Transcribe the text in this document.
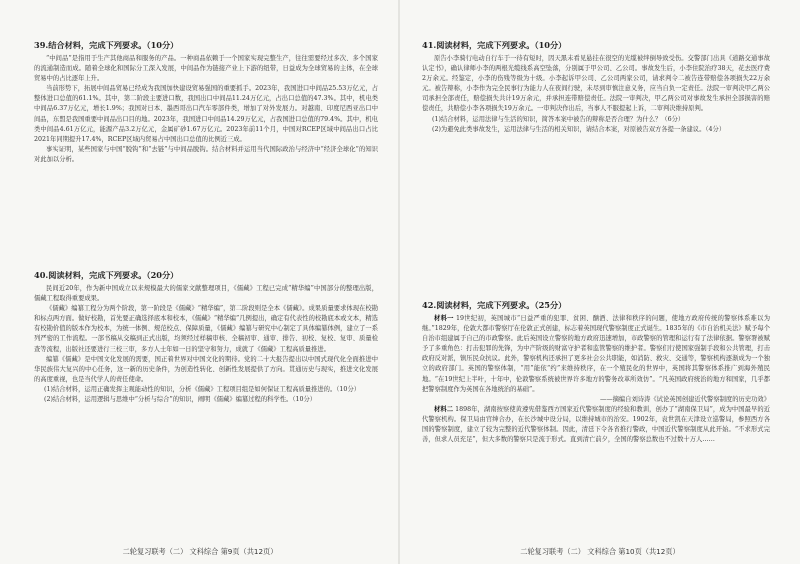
39.结合材料，完成下列要求。（10分）

“中间品”是指用于生产其他商品和服务的产品。一种商品依赖于一个国家实现完整生产，往往需要经过多次、多个国家的流通制造而成。随着全球化和国际分工深入发展，中间品作为链接产业上下游的纽带，日益成为全球贸易的主体，在全球贸易中的占比逐年上升。

当前形势下，拓展中间品贸易已经成为我国加快建设贸易强国的重要抓手。2023年，我国进口中间品25.53万亿元，占整体进口总值的61.1%。其中，第二阶段主要进口数，我国出口中间品11.24万亿元，占出口总值的47.3%。其中，机电类中间品6.37万亿元，增长1.9%；我国对日本、墨西哥出口汽车零部件类，增加了对外发展力。对越南、印度尼西亚出口中间品，东盟是我国重要中间品出口目的地。2023年，我国进口中间品14.29万亿元，占我国进口总值的79.4%。其中，机电类中间品4.61万亿元，能源产品3.2万亿元，金属矿砂1.67万亿元。2023年前11个月，中国对RCEP区域中间品出口占比2021年同期提升17.4%，RCEP区域内贸易占中国出口总值的比例近三成。

事实证明，某些国家与中国“脱钩”和“去链”与中间品脱钩。结合材料并运用当代国际政治与经济中“经济全球化”的知识对此加以分析。

40.阅读材料，完成下列要求。（20分）

民间近20年，作为新中国成立以来规模最大的儒家文献整理项目，《儒藏》工程已完成“精华编”中国部分的整理出版，儒藏工程取得重要成果。

《儒藏》编纂工程分为两个阶段，第一阶段是《儒藏》“精华编”，第二阶段则是全本《儒藏》。成果质量要求体现在校勘和标点两方面。做好校勘，首先要正确选择底本和校本，《儒藏》“精华编”几例提出，确定有代表性的校勘底本或文本，精选有校勘价值的版本作为校本，为统一体例、规范校点、保障质量，《儒藏》编纂与研究中心制定了具体编纂体例，建立了一系列严密的工作流程。一部书稿从交稿到正式出版，均须经过样稿审核、全稿初审、通审、排告、初校、复校、复审、质量检查等流程，出版社还要进行三校三审，多方人士年如一日的坚守和努力，成就了《儒藏》工程高质量推进。

编纂《儒藏》是中国文化发展的需要，国正着世界对中国文化的期待。党的二十大报告提出以中国式现代化全面推进中华民族伟大复兴的中心任务，这一新的历史条件，为创造性转化、创新性发展提供了方向。贯通历史与现实，推进文化发展的高度重视，也是当代学人的责任使命。

(1)结合材料，运用正确发挥主观能动性的知识，分析《儒藏》工程项目组是如何保证工程高质量推进的。（10分）

(2)结合材料，运用逻辑与思维中“分析与综合”的知识，阐明《儒藏》编纂过程的科学性。（10分）

二轮复习联考（二） 文科综合 第9页（共12页）
41.阅读材料，完成下列要求。（10分）

原告小李骑行电动自行车于一待有短时，因天黑未看见悬挂在很空的光缆被绊倒导致受伤。交警部门出具《道路交通事故认定书》，确认律师小李的两根光缆线系高空坠落，分别属于甲公司、乙公司。事故发生后，小李住院治疗38天，花去医疗费2万余元。经鉴定，小李的伤残等级为十级。小李起诉甲公司、乙公司两家公司，请求判令二被告连带赔偿各项损失22万余元。被告辩称，小李作为完全民事行为能力人在夜间行驶，未尽到审慎注意义务，应当自负一定责任。法院一审判决甲乙两公司承担全部责任，赔偿损失共计19万余元，并承担连带赔偿责任。法院一审判决，甲乙两公司对事故发生承担全部损害的赔偿责任，共赔偿小李各项损失19万余元。一审判决作出后，当事人不服提起上诉，二审判决维持原判。

(1)结合材料，运用法律与生活的知识，简答本案中被告的辩称是否合理？为什么？（6分）

(2)为避免此类事故发生，运用法律与生活的相关知识，请结合本案，对原被告双方各提一条建议。（4分）

42.阅读材料，完成下列要求。（25分）

材料一 19世纪初，英国城市“日益严重的犯罪、贫困、酗酒、法律和秩序的问题，使地方政府传统的警察体系难以为继。”1829年，伦敦大都市警察厅在伦敦正式创建，标志着英国现代警察制度正式诞生。1835年的《市自治机关法》赋予每个自治市组建属于自己的市政警察。此后英国设立警察的地方政府迅速增加，市政警察的管理和运行有了法律依据。警察署被赋予了多重角色：打击犯罪的先锋，为中产阶级的财富守护者和监管警察的维护者。警察们行使国家强制手段和公共管理，打击政府反对派，镇压民众抗议。此外，警察机构还承担了更多社会公共职能，如消防、救灾、交通等，警察机构逐渐成为一个独立的政府部门。英国的警察体制，“用”能依“约”来维持秩序，在一个殖民化的世界中，英国将其警察体系推广到海外殖民地。“在19世纪上半叶，十年中，伦敦警察系统被世界许多地方的警务改革所效仿”。“凡英国政府统治的地方和国家，几乎都把警察制度作为英国在各地统治的基础”。

——摘编自刘诗涛《试论英国创建近代警察制度的历史功效》

材料二 1898年，湖南按察使黄遵宪借鉴西方国家近代警察制度的经验和教训，创办了“湖南保卫局”，成为中国最早的近代警察机构。保卫局由官绅合办，在长沙城中设分局，以维持城市的治安。1902年，袁世凯在天津设立巡警局，参照西方各国的警察制度，建立了较为完整的近代警察体制。因此，清廷下令各省推行警政，中国近代警察制度从此开始。“不求形式完善，但求人员充足”，但大多数的警察只是流于形式。直到清亡前夕，全国的警察总数也不过数十万人……

二轮复习联考（二） 文科综合 第10页（共12页）
